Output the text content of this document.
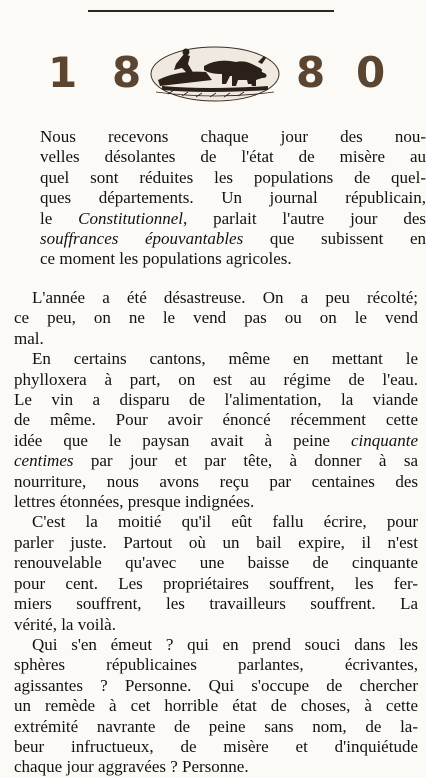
1 8	8 0
Nous recevons chaque jour des nou-
velles désolantes de l'état de misère au
quel sont réduites les populations de quel-
ques départements. Un journal républicain,
le Constitutionnel, parlait l'autre jour des
souffrances épouvantables que subissent en
ce moment les populations agricoles.
L'année a été désastreuse. On a peu récolté;
ce peu, on ne le vend pas ou on le vend
mal.
En certains cantons, même en mettant le
phylloxera à part, on est au régime de l'eau.
Le vin a disparu de l'alimentation, la viande
de même. Pour avoir énoncé récemment cette
idée que le paysan avait à peine cinquante
centimes par jour et par tête, à donner à sa
nourriture, nous avons reçu par centaines des
lettres étonnées, presque indignées.
C'est la moitié qu'il eût fallu écrire, pour
parler juste. Partout où un bail expire, il n'est
renouvelable qu'avec une baisse de cinquante
pour cent. Les propriétaires souffrent, les fer-
miers souffrent, les travailleurs souffrent. La
vérité, la voilà.
Qui s'en émeut ? qui en prend souci dans les
sphères républicaines parlantes, écrivantes,
agissantes ? Personne. Qui s'occupe de chercher
un remède à cet horrible état de choses, à cette
extrémité navrante de peine sans nom, de la-
beur infructueux, de misère et d'inquiétude
chaque jour aggravées ? Personne.
